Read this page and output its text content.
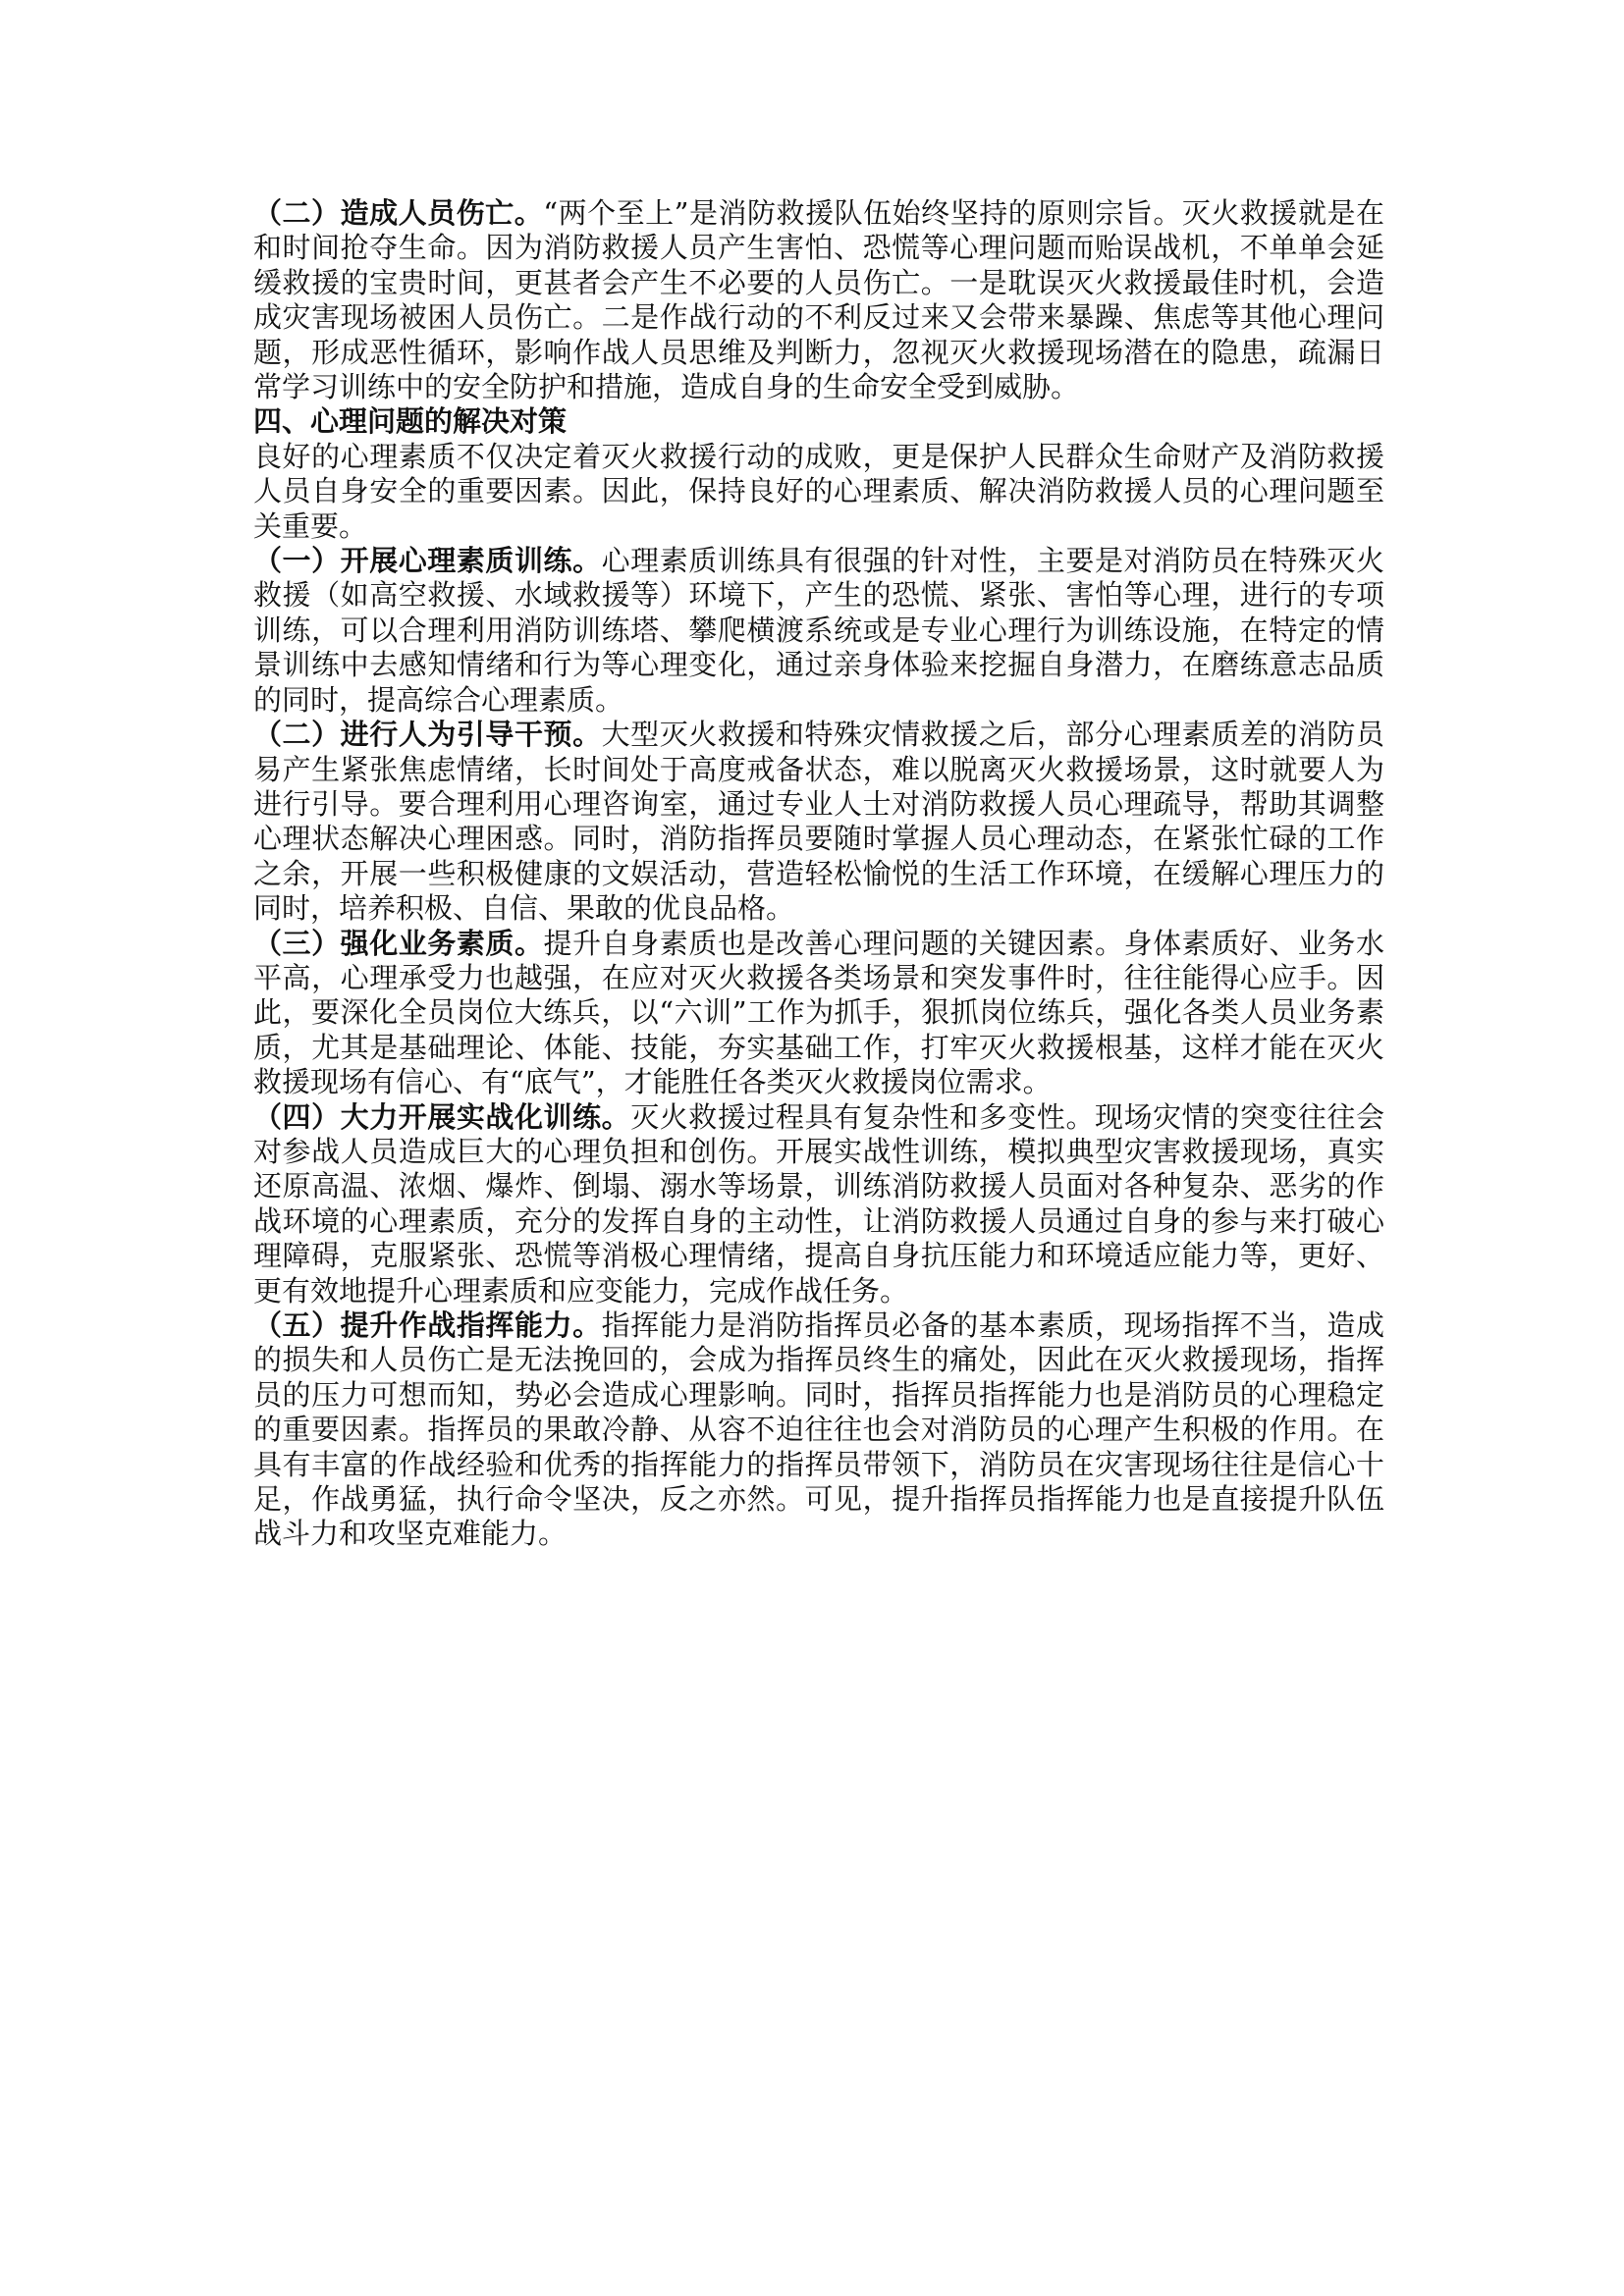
（二）造成人员伤亡。“两个至上”是消防救援队伍始终坚持的原则宗旨。灭火救援就是在和时间抢夺生命。因为消防救援人员产生害怕、恐慌等心理问题而贻误战机，不单单会延缓救援的宝贵时间，更甚者会产生不必要的人员伤亡。一是耽误灭火救援最佳时机，会造成灾害现场被困人员伤亡。二是作战行动的不利反过来又会带来暴躁、焦虑等其他心理问题，形成恶性循环，影响作战人员思维及判断力，忽视灭火救援现场潜在的隐患，疏漏日常学习训练中的安全防护和措施，造成自身的生命安全受到威胁。

四、心理问题的解决对策

良好的心理素质不仅决定着灭火救援行动的成败，更是保护人民群众生命财产及消防救援人员自身安全的重要因素。因此，保持良好的心理素质、解决消防救援人员的心理问题至关重要。

（一）开展心理素质训练。心理素质训练具有很强的针对性，主要是对消防员在特殊灭火救援（如高空救援、水域救援等）环境下，产生的恐慌、紧张、害怕等心理，进行的专项训练，可以合理利用消防训练塔、攀爬横渡系统或是专业心理行为训练设施，在特定的情景训练中去感知情绪和行为等心理变化，通过亲身体验来挖掘自身潜力，在磨练意志品质的同时，提高综合心理素质。

（二）进行人为引导干预。大型灭火救援和特殊灾情救援之后，部分心理素质差的消防员易产生紧张焦虑情绪，长时间处于高度戒备状态，难以脱离灭火救援场景，这时就要人为进行引导。要合理利用心理咨询室，通过专业人士对消防救援人员心理疏导，帮助其调整心理状态解决心理困惑。同时，消防指挥员要随时掌握人员心理动态，在紧张忙碌的工作之余，开展一些积极健康的文娱活动，营造轻松愉悦的生活工作环境，在缓解心理压力的同时，培养积极、自信、果敢的优良品格。

（三）强化业务素质。提升自身素质也是改善心理问题的关键因素。身体素质好、业务水平高，心理承受力也越强，在应对灭火救援各类场景和突发事件时，往往能得心应手。因此，要深化全员岗位大练兵，以“六训”工作为抓手，狠抓岗位练兵，强化各类人员业务素质，尤其是基础理论、体能、技能，夯实基础工作，打牢灭火救援根基，这样才能在灭火救援现场有信心、有“底气”，才能胜任各类灭火救援岗位需求。

（四）大力开展实战化训练。灭火救援过程具有复杂性和多变性。现场灾情的突变往往会对参战人员造成巨大的心理负担和创伤。开展实战性训练，模拟典型灾害救援现场，真实还原高温、浓烟、爆炸、倒塌、溺水等场景，训练消防救援人员面对各种复杂、恶劣的作战环境的心理素质，充分的发挥自身的主动性，让消防救援人员通过自身的参与来打破心理障碍，克服紧张、恐慌等消极心理情绪，提高自身抗压能力和环境适应能力等，更好、更有效地提升心理素质和应变能力，完成作战任务。

（五）提升作战指挥能力。指挥能力是消防指挥员必备的基本素质，现场指挥不当，造成的损失和人员伤亡是无法挽回的，会成为指挥员终生的痛处，因此在灭火救援现场，指挥员的压力可想而知，势必会造成心理影响。同时，指挥员指挥能力也是消防员的心理稳定的重要因素。指挥员的果敢冷静、从容不迫往往也会对消防员的心理产生积极的作用。在具有丰富的作战经验和优秀的指挥能力的指挥员带领下，消防员在灾害现场往往是信心十足，作战勇猛，执行命令坚决，反之亦然。可见，提升指挥员指挥能力也是直接提升队伍战斗力和攻坚克难能力。
